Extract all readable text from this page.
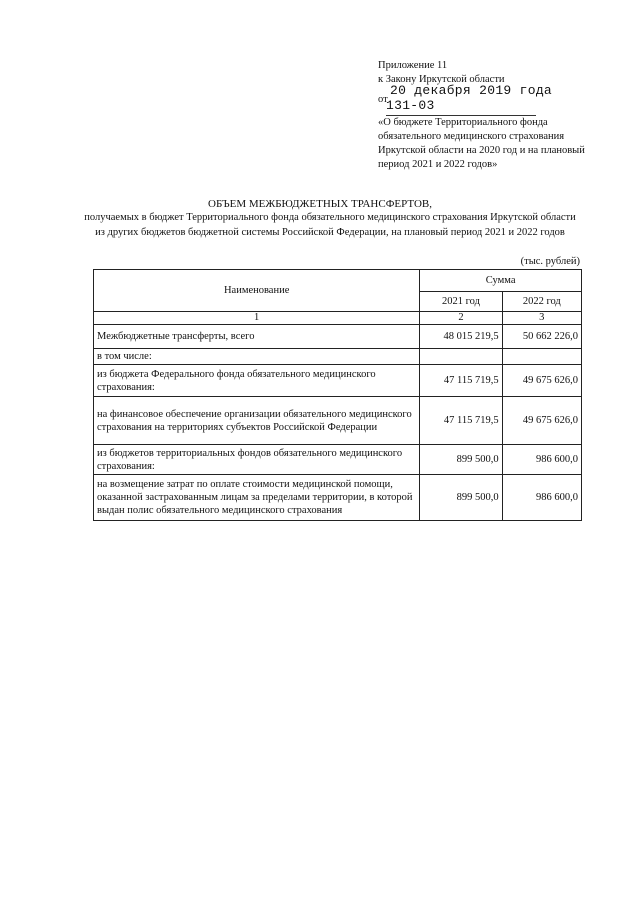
Приложение 11
к Закону Иркутской области
от
20 декабря 2019 года
131-03
«О бюджете Территориального фонда обязательного медицинского страхования Иркутской области на 2020 год и на плановый период 2021 и 2022 годов»
ОБЪЕМ МЕЖБЮДЖЕТНЫХ ТРАНСФЕРТОВ,
получаемых в бюджет Территориального фонда обязательного медицинского страхования Иркутской области из других бюджетов бюджетной системы Российской Федерации, на плановый период 2021 и 2022 годов
(тыс. рублей)
Наименование	Сумма	
	2021 год	2022 год
1	2	3
Межбюджетные трансферты, всего	48 015 219,5	50 662 226,0
в том числе:		
из бюджета Федерального фонда обязательного медицинского страхования:	47 115 719,5	49 675 626,0
на финансовое обеспечение организации обязательного медицинского страхования на территориях субъектов Российской Федерации	47 115 719,5	49 675 626,0
из бюджетов территориальных фондов обязательного медицинского страхования:	899 500,0	986 600,0
на возмещение затрат по оплате стоимости медицинской помощи, оказанной застрахованным лицам за пределами территории, в которой выдан полис обязательного медицинского страхования	899 500,0	986 600,0
